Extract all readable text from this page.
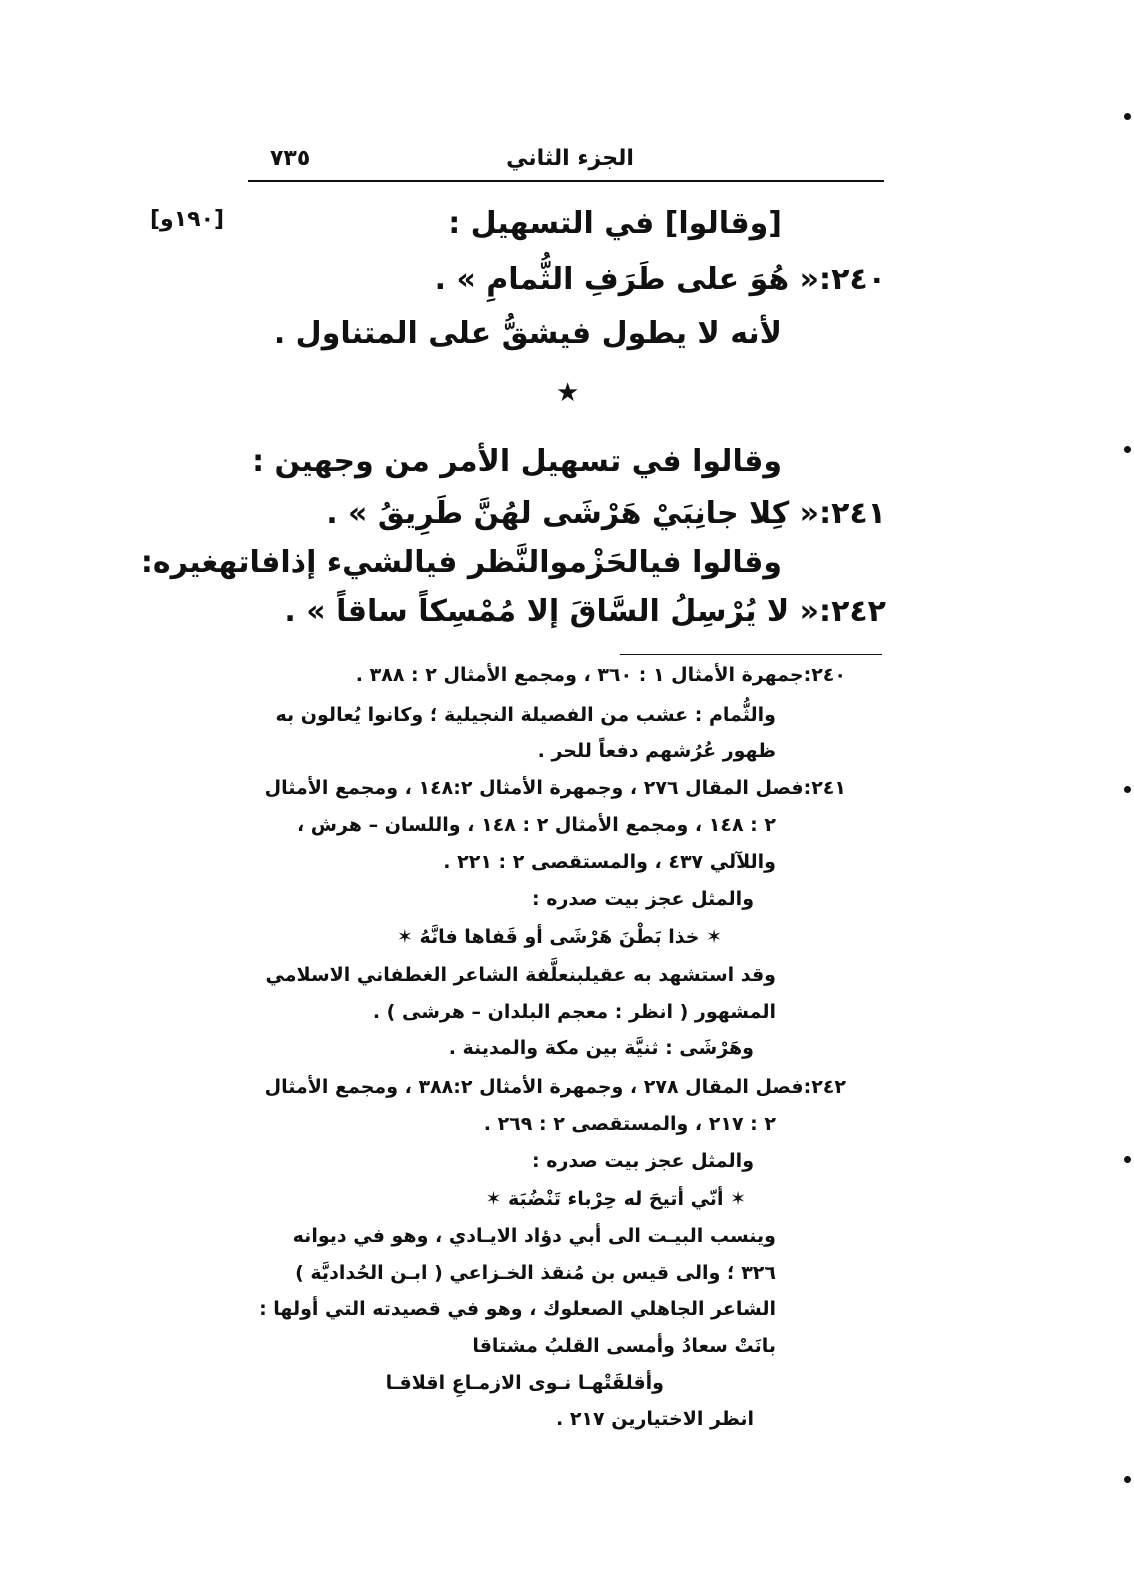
٧٣٥	الجزء الثاني
[١٩٠و]	[وقالوا] في التسهيل :
٢٤٠:« هُوَ على طَرَفِ الثُّمامِ » .
لأنه لا يطول فيشقُّ على المتناول .
★
وقالوا في تسهيل الأمر من وجهين :
٢٤١:« كِلا جانِبَيْ هَرْشَى لهُنَّ طَرِيقُ » .
وقالوا فيالحَزْموالنَّظر فيالشيء إذافاتهغيره:
٢٤٢:« لا يُرْسِلُ السَّاقَ إلا مُمْسِكاً ساقاً » .
٢٤٠:جمهرة الأمثال ١ : ٣٦٠ ، ومجمع الأمثال ٢ : ٣٨٨ .
والثُّمام : عشب من الفصيلة النجيلية ؛ وكانوا يُعالون به
ظهور عُرُشهم دفعاً للحر .
٢٤١:فصل المقال ٢٧٦ ، وجمهرة الأمثال ١٤٨:٢ ، ومجمع الأمثال
٢ : ١٤٨ ، ومجمع الأمثال ٢ : ١٤٨ ، واللسان – هرش ،
واللآلي ٤٣٧ ، والمستقصى ٢ : ٢٢١ .
والمثل عجز بيت صدره :
✶ خذا بَطْنَ هَرْشَى أو قَفاها فانَّهُ ✶
وقد استشهد به عقيلبنعلَّفة الشاعر الغطفاني الاسلامي
المشهور ( انظر : معجم البلدان – هرشى ) .
وهَرْشَى : ثنيَّة بين مكة والمدينة .
٢٤٢:فصل المقال ٢٧٨ ، وجمهرة الأمثال ٣٨٨:٢ ، ومجمع الأمثال
٢ : ٢١٧ ، والمستقصى ٢ : ٢٦٩ .
والمثل عجز بيت صدره :
✶ أنّي أتيحَ له حِرْباء تَنْضُبَة ✶
وينسب البيـت الى أبي دؤاد الايـادي ، وهو في ديوانه
٣٢٦ ؛ والى قيس بن مُنقذ الخـزاعي ( ابـن الحُداديَّة )
الشاعر الجاهلي الصعلوك ، وهو في قصيدته التي أولها :
بانَتْ سعادُ وأمسى القلبُ مشتاقا
وأقلقَتْهـا نـوى الازمـاعِ اقلاقـا
انظر الاختيارين ٢١٧ .
